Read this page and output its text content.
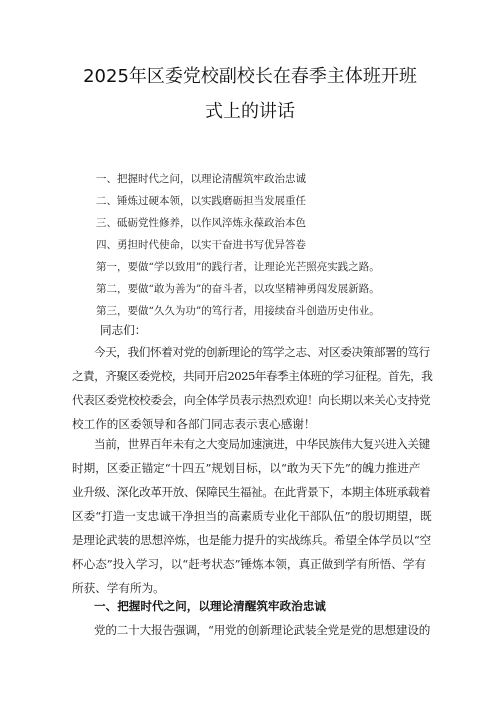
2025年区委党校副校长在春季主体班开班
式上的讲话
一、把握时代之问，以理论清醒筑牢政治忠诚
二、锤炼过硬本领，以实践磨砺担当发展重任
三、砥砺党性修养，以作风淬炼永葆政治本色
四、勇担时代使命，以实干奋进书写优异答卷
第一，要做“学以致用”的践行者，让理论光芒照亮实践之路。
第二，要做“敢为善为”的奋斗者，以攻坚精神勇闯发展新路。
第三，要做“久久为功”的笃行者，用接续奋斗创造历史伟业。
同志们：
今天，我们怀着对党的创新理论的笃学之志、对区委决策部署的笃行
之責，齐聚区委党校，共同开启2025年春季主体班的学习征程。首先，我
代表区委党校校委会，向全体学员表示热烈欢迎！向长期以来关心支持党
校工作的区委领导和各部门同志表示衷心感谢！
当前，世界百年未有之大变局加速演进，中华民族伟大复兴进入关键
时期，区委正锚定“十四五”规划目标，以“敢为天下先”的魄力推进产
业升级、深化改革开放、保障民生福祉。在此背景下，本期主体班承载着
区委“打造一支忠诚干净担当的高素质专业化干部队伍”的殷切期望，既
是理论武装的思想淬炼，也是能力提升的实战练兵。希望全体学员以“空
杯心态”投入学习，以“赶考状态”锤炼本领，真正做到学有所悟、学有
所获、学有所为。
一、把握时代之问，以理论清醒筑牢政治忠诚
党的二十大报告强调，“用党的创新理论武装全党是党的思想建设的
